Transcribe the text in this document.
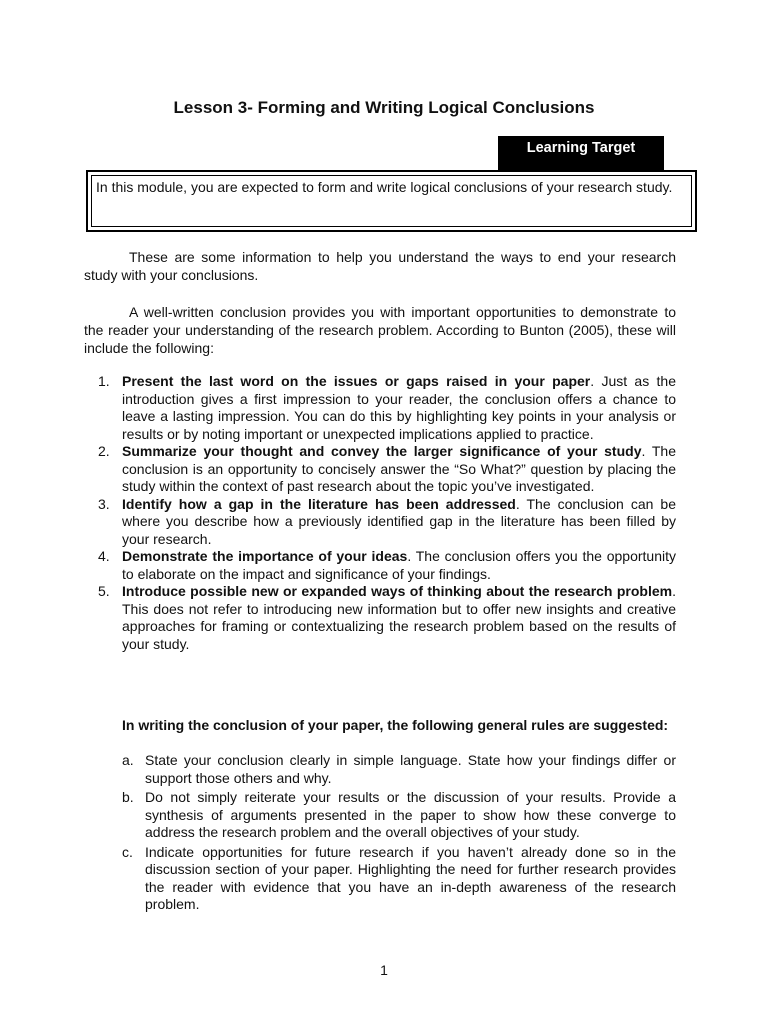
Lesson 3- Forming and Writing Logical Conclusions
Learning Target
In this module, you are expected to form and write logical conclusions of your research study.

These are some information to help you understand the ways to end your research study with your conclusions.

A well-written conclusion provides you with important opportunities to demonstrate to the reader your understanding of the research problem. According to Bunton (2005), these will include the following:

1. Present the last word on the issues or gaps raised in your paper. Just as the introduction gives a first impression to your reader, the conclusion offers a chance to leave a lasting impression. You can do this by highlighting key points in your analysis or results or by noting important or unexpected implications applied to practice.
2. Summarize your thought and convey the larger significance of your study. The conclusion is an opportunity to concisely answer the “So What?” question by placing the study within the context of past research about the topic you’ve investigated.
3. Identify how a gap in the literature has been addressed. The conclusion can be where you describe how a previously identified gap in the literature has been filled by your research.
4. Demonstrate the importance of your ideas. The conclusion offers you the opportunity to elaborate on the impact and significance of your findings.
5. Introduce possible new or expanded ways of thinking about the research problem. This does not refer to introducing new information but to offer new insights and creative approaches for framing or contextualizing the research problem based on the results of your study.
In writing the conclusion of your paper, the following general rules are suggested:
a. State your conclusion clearly in simple language. State how your findings differ or support those others and why.
b. Do not simply reiterate your results or the discussion of your results. Provide a synthesis of arguments presented in the paper to show how these converge to address the research problem and the overall objectives of your study.
c. Indicate opportunities for future research if you haven’t already done so in the discussion section of your paper. Highlighting the need for further research provides the reader with evidence that you have an in-depth awareness of the research problem.
1
